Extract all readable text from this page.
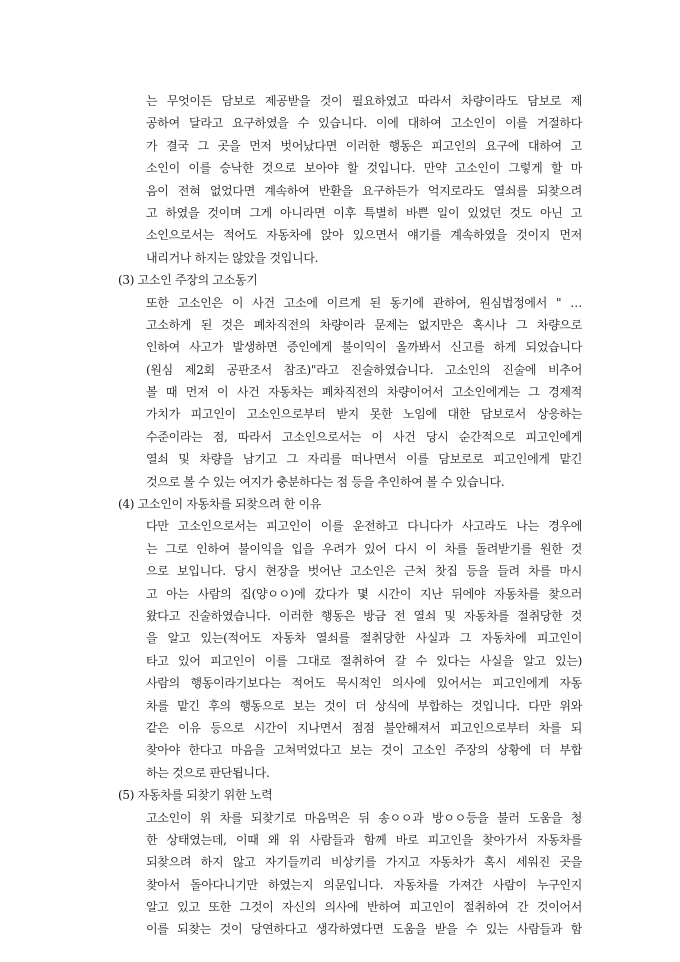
는 무엇이든 담보로 제공받을 것이 필요하였고 따라서 차량이라도 담보로 제
공하여 달라고 요구하였을 수 있습니다. 이에 대하여 고소인이 이를 거절하다
가 결국 그 곳을 먼저 벗어났다면 이러한 행동은 피고인의 요구에 대하여 고
소인이 이를 승낙한 것으로 보아야 할 것입니다. 만약 고소인이 그렇게 할 마
음이 전혀 없었다면 계속하여 반환을 요구하든가 억지로라도 열쇠를 되찾으려
고 하였을 것이며 그게 아니라면 이후 특별히 바쁜 일이 있었던 것도 아닌 고
소인으로서는 적어도 자동차에 앉아 있으면서 얘기를 계속하였을 것이지 먼저
내리거나 하지는 않았을 것입니다.
(3) 고소인 주장의 고소동기
또한 고소인은 이 사건 고소에 이르게 된 동기에 관하여, 원심법정에서 " …
고소하게 된 것은 폐차직전의 차량이라 문제는 없지만은 혹시나 그 차량으로
인하여 사고가 발생하면 증인에게 불이익이 올까봐서 신고를 하게 되었습니다
(원심 제2회 공판조서 참조)"라고 진술하였습니다. 고소인의 진술에 비추어
볼 때 먼저 이 사건 자동차는 폐차직전의 차량이어서 고소인에게는 그 경제적
가치가 피고인이 고소인으로부터 받지 못한 노임에 대한 담보로서 상응하는
수준이라는 점, 따라서 고소인으로서는 이 사건 당시 순간적으로 피고인에게
열쇠 및 차량을 남기고 그 자리를 떠나면서 이를 담보로로 피고인에게 맡긴
것으로 볼 수 있는 여지가 충분하다는 점 등을 추인하여 볼 수 있습니다.
(4) 고소인이 자동차를 되찾으려 한 이유
다만 고소인으로서는 피고인이 이를 운전하고 다니다가 사고라도 나는 경우에
는 그로 인하여 불이익을 입을 우려가 있어 다시 이 차를 돌려받기를 원한 것
으로 보입니다. 당시 현장을 벗어난 고소인은 근처 찻집 등을 들려 차를 마시
고 아는 사람의 집(양ㅇㅇ)에 갔다가 몇 시간이 지난 뒤에야 자동차를 찾으러
왔다고 진술하였습니다. 이러한 행동은 방금 전 열쇠 및 자동차를 절취당한 것
을 알고 있는(적어도 자동차 열쇠를 절취당한 사실과 그 자동차에 피고인이
타고 있어 피고인이 이를 그대로 절취하여 갈 수 있다는 사실을 알고 있는)
사람의 행동이라기보다는 적어도 묵시적인 의사에 있어서는 피고인에게 자동
차를 맡긴 후의 행동으로 보는 것이 더 상식에 부합하는 것입니다. 다만 위와
같은 이유 등으로 시간이 지나면서 점점 불안해져서 피고인으로부터 차를 되
찾아야 한다고 마음을 고쳐먹었다고 보는 것이 고소인 주장의 상황에 더 부합
하는 것으로 판단됩니다.
(5) 자동차를 되찾기 위한 노력
고소인이 위 차를 되찾기로 마음먹은 뒤 송ㅇㅇ과 방ㅇㅇ등을 불러 도움을 청
한 상태였는데, 이때 왜 위 사람들과 함께 바로 피고인을 찾아가서 자동차를
되찾으려 하지 않고 자기들끼리 비상키를 가지고 자동차가 혹시 세워진 곳을
찾아서 돌아다니기만 하였는지 의문입니다. 자동차를 가져간 사람이 누구인지
알고 있고 또한 그것이 자신의 의사에 반하여 피고인이 절취하여 간 것이어서
이를 되찾는 것이 당연하다고 생각하였다면 도움을 받을 수 있는 사람들과 함
